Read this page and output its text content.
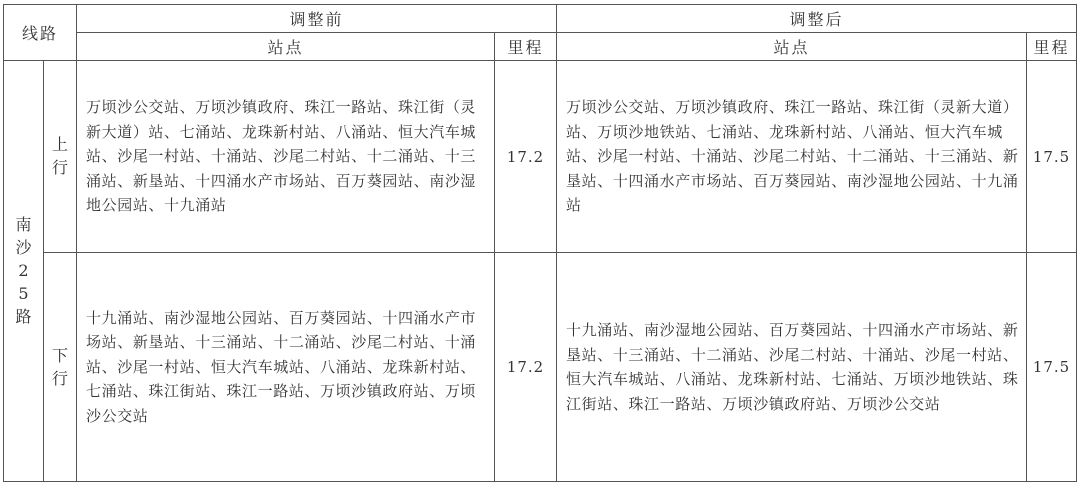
线路		调整前		调整后	
		站点	里程	站点	里程
南沙25路	上行	万顷沙公交站、万顷沙镇政府、珠江一路站、珠江街（灵新大道）站、七涌站、龙珠新村站、八涌站、恒大汽车城站、沙尾一村站、十涌站、沙尾二村站、十二涌站、十三涌站、新垦站、十四涌水产市场站、百万葵园站、南沙湿地公园站、十九涌站	17.2	万顷沙公交站、万顷沙镇政府、珠江一路站、珠江街（灵新大道）站、万顷沙地铁站、七涌站、龙珠新村站、八涌站、恒大汽车城站、沙尾一村站、十涌站、沙尾二村站、十二涌站、十三涌站、新垦站、十四涌水产市场站、百万葵园站、南沙湿地公园站、十九涌站	17.5
	下行	十九涌站、南沙湿地公园站、百万葵园站、十四涌水产市场站、新垦站、十三涌站、十二涌站、沙尾二村站、十涌站、沙尾一村站、恒大汽车城站、八涌站、龙珠新村站、七涌站、珠江街站、珠江一路站、万顷沙镇政府站、万顷沙公交站	17.2	十九涌站、南沙湿地公园站、百万葵园站、十四涌水产市场站、新垦站、十三涌站、十二涌站、沙尾二村站、十涌站、沙尾一村站、恒大汽车城站、八涌站、龙珠新村站、七涌站、万顷沙地铁站、珠江街站、珠江一路站、万顷沙镇政府站、万顷沙公交站	17.5
